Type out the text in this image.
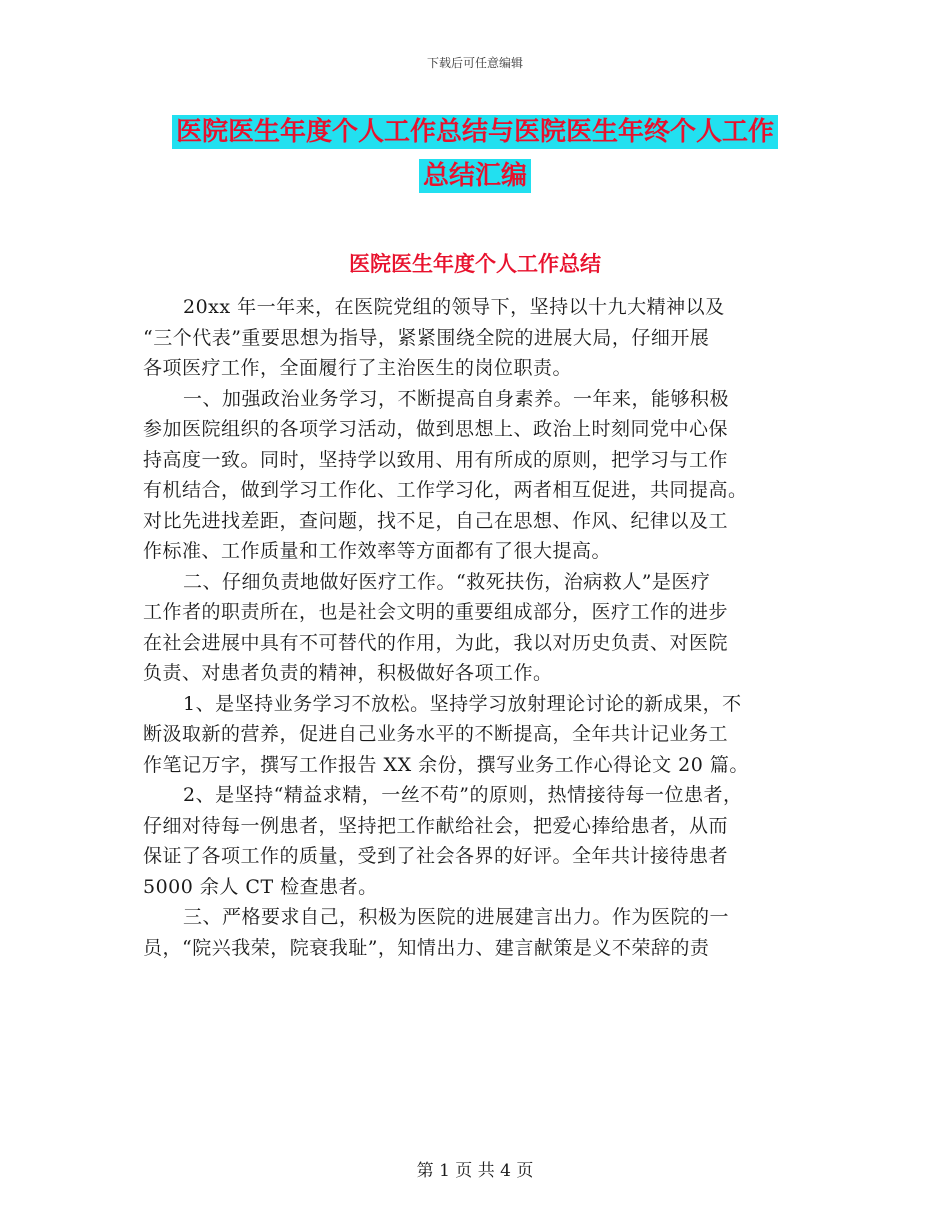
下载后可任意编辑
医院医生年度个人工作总结与医院医生年终个人工作
总结汇编
医院医生年度个人工作总结

20xx 年一年来，在医院党组的领导下，坚持以十九大精神以及
“三个代表”重要思想为指导，紧紧围绕全院的进展大局，仔细开展
各项医疗工作，全面履行了主治医生的岗位职责。

一、加强政治业务学习，不断提高自身素养。一年来，能够积极
参加医院组织的各项学习活动，做到思想上、政治上时刻同党中心保
持高度一致。同时，坚持学以致用、用有所成的原则，把学习与工作
有机结合，做到学习工作化、工作学习化，两者相互促进，共同提高。
对比先进找差距，查问题，找不足，自己在思想、作风、纪律以及工
作标准、工作质量和工作效率等方面都有了很大提高。

二、仔细负责地做好医疗工作。“救死扶伤，治病救人”是医疗
工作者的职责所在，也是社会文明的重要组成部分，医疗工作的进步
在社会进展中具有不可替代的作用，为此，我以对历史负责、对医院
负责、对患者负责的精神，积极做好各项工作。

1、是坚持业务学习不放松。坚持学习放射理论讨论的新成果，不
断汲取新的营养，促进自己业务水平的不断提高，全年共计记业务工
作笔记万字，撰写工作报告 XX 余份，撰写业务工作心得论文 20 篇。

2、是坚持“精益求精，一丝不苟”的原则，热情接待每一位患者，
仔细对待每一例患者，坚持把工作献给社会，把爱心捧给患者，从而
保证了各项工作的质量，受到了社会各界的好评。全年共计接待患者
5000 余人 CT 检查患者。

三、严格要求自己，积极为医院的进展建言出力。作为医院的一
员，“院兴我荣，院衰我耻”，知情出力、建言献策是义不荣辞的责

第 1 页 共 4 页
